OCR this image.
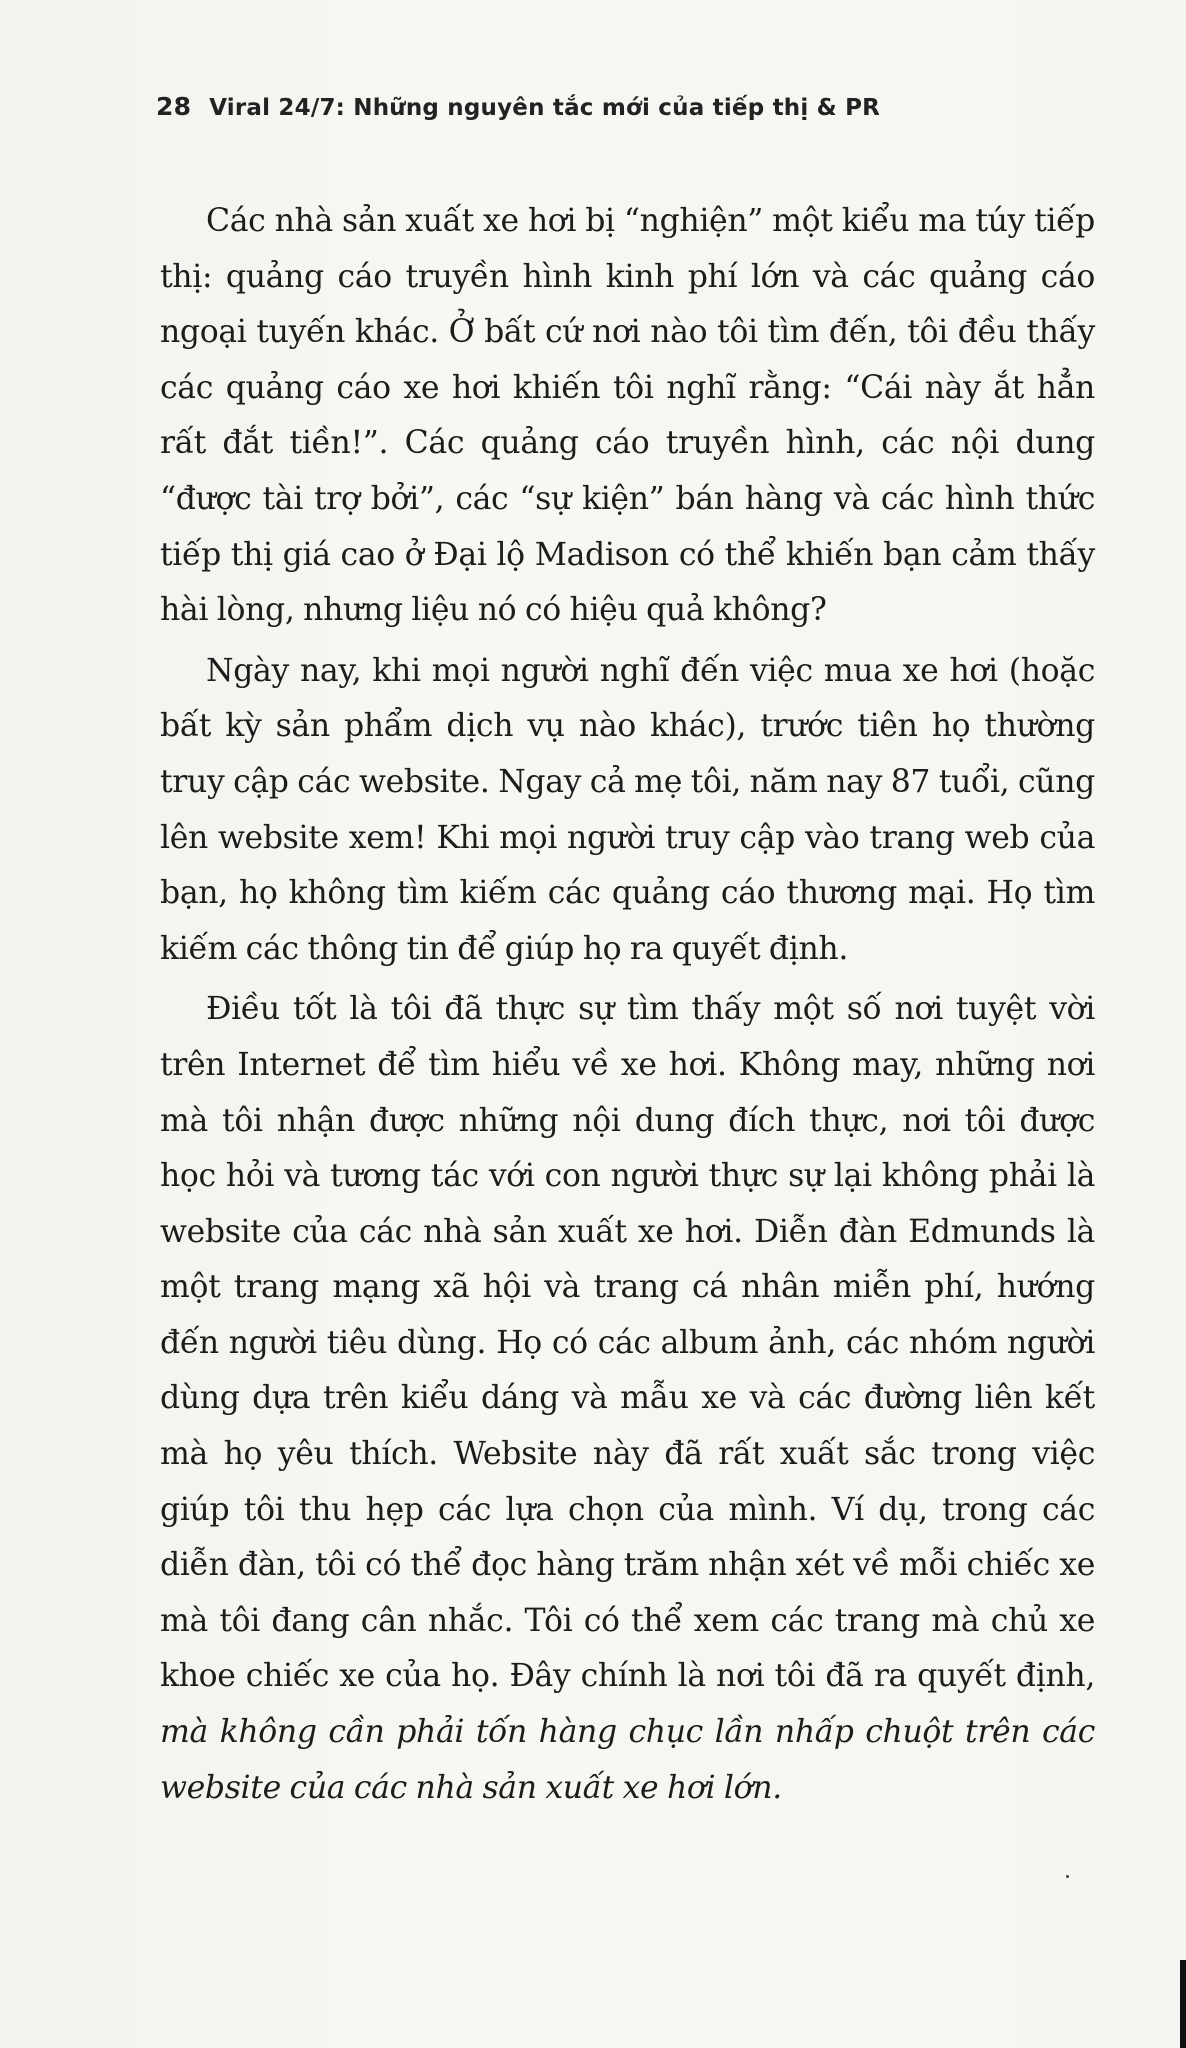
28 Viral 24/7: Những nguyên tắc mới của tiếp thị & PR

Các nhà sản xuất xe hơi bị “nghiện” một kiểu ma túy tiếp thị: quảng cáo truyền hình kinh phí lớn và các quảng cáo ngoại tuyến khác. Ở bất cứ nơi nào tôi tìm đến, tôi đều thấy các quảng cáo xe hơi khiến tôi nghĩ rằng: “Cái này ắt hẳn rất đắt tiền!”. Các quảng cáo truyền hình, các nội dung “được tài trợ bởi”, các “sự kiện” bán hàng và các hình thức tiếp thị giá cao ở Đại lộ Madison có thể khiến bạn cảm thấy hài lòng, nhưng liệu nó có hiệu quả không?

Ngày nay, khi mọi người nghĩ đến việc mua xe hơi (hoặc bất kỳ sản phẩm dịch vụ nào khác), trước tiên họ thường truy cập các website. Ngay cả mẹ tôi, năm nay 87 tuổi, cũng lên website xem! Khi mọi người truy cập vào trang web của bạn, họ không tìm kiếm các quảng cáo thương mại. Họ tìm kiếm các thông tin để giúp họ ra quyết định.

Điều tốt là tôi đã thực sự tìm thấy một số nơi tuyệt vời trên Internet để tìm hiểu về xe hơi. Không may, những nơi mà tôi nhận được những nội dung đích thực, nơi tôi được học hỏi và tương tác với con người thực sự lại không phải là website của các nhà sản xuất xe hơi. Diễn đàn Edmunds là một trang mạng xã hội và trang cá nhân miễn phí, hướng đến người tiêu dùng. Họ có các album ảnh, các nhóm người dùng dựa trên kiểu dáng và mẫu xe và các đường liên kết mà họ yêu thích. Website này đã rất xuất sắc trong việc giúp tôi thu hẹp các lựa chọn của mình. Ví dụ, trong các diễn đàn, tôi có thể đọc hàng trăm nhận xét về mỗi chiếc xe mà tôi đang cân nhắc. Tôi có thể xem các trang mà chủ xe khoe chiếc xe của họ. Đây chính là nơi tôi đã ra quyết định, mà không cần phải tốn hàng chục lần nhấp chuột trên các website của các nhà sản xuất xe hơi lớn.
